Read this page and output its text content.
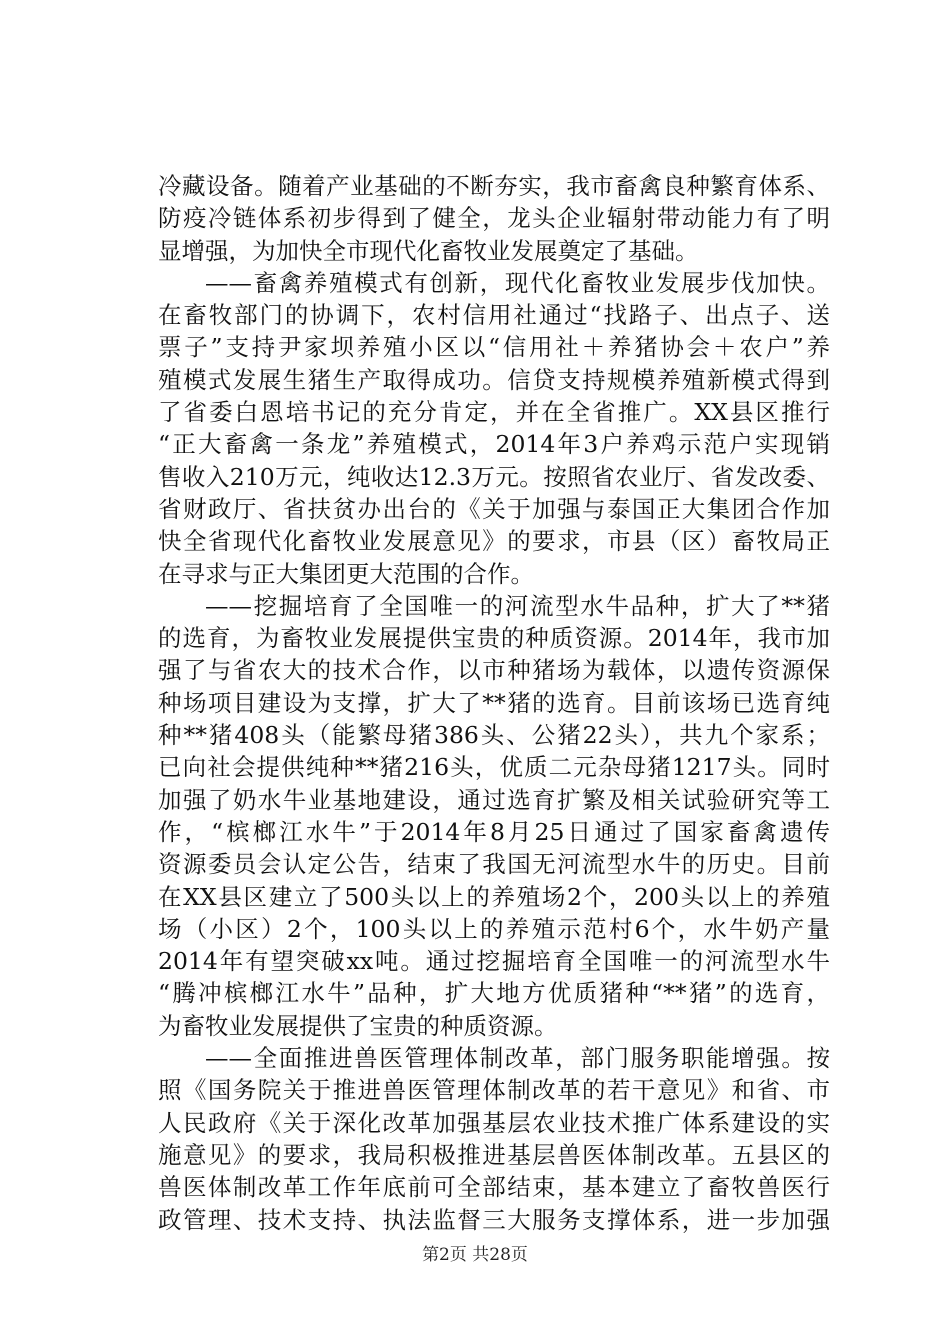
冷藏设备。随着产业基础的不断夯实，我市畜禽良种繁育体系、
防疫冷链体系初步得到了健全，龙头企业辐射带动能力有了明
显增强，为加快全市现代化畜牧业发展奠定了基础。
——畜禽养殖模式有创新，现代化畜牧业发展步伐加快。
在畜牧部门的协调下，农村信用社通过“找路子、出点子、送
票子”支持尹家坝养殖小区以“信用社＋养猪协会＋农户”养
殖模式发展生猪生产取得成功。信贷支持规模养殖新模式得到
了省委白恩培书记的充分肯定，并在全省推广。XX县区推行
“正大畜禽一条龙”养殖模式，2014年3户养鸡示范户实现销
售收入210万元，纯收达12.3万元。按照省农业厅、省发改委、
省财政厅、省扶贫办出台的《关于加强与泰国正大集团合作加
快全省现代化畜牧业发展意见》的要求，市县（区）畜牧局正
在寻求与正大集团更大范围的合作。
——挖掘培育了全国唯一的河流型水牛品种，扩大了**猪
的选育，为畜牧业发展提供宝贵的种质资源。2014年，我市加
强了与省农大的技术合作，以市种猪场为载体，以遗传资源保
种场项目建设为支撑，扩大了**猪的选育。目前该场已选育纯
种**猪408头（能繁母猪386头、公猪22头），共九个家系；
已向社会提供纯种**猪216头，优质二元杂母猪1217头。同时
加强了奶水牛业基地建设，通过选育扩繁及相关试验研究等工
作，“槟榔江水牛”于2014年8月25日通过了国家畜禽遗传
资源委员会认定公告，结束了我国无河流型水牛的历史。目前
在XX县区建立了500头以上的养殖场2个，200头以上的养殖
场（小区）2个，100头以上的养殖示范村6个，水牛奶产量
2014年有望突破xx吨。通过挖掘培育全国唯一的河流型水牛
“腾冲槟榔江水牛”品种，扩大地方优质猪种“**猪”的选育，
为畜牧业发展提供了宝贵的种质资源。
——全面推进兽医管理体制改革，部门服务职能增强。按
照《国务院关于推进兽医管理体制改革的若干意见》和省、市
人民政府《关于深化改革加强基层农业技术推广体系建设的实
施意见》的要求，我局积极推进基层兽医体制改革。五县区的
兽医体制改革工作年底前可全部结束，基本建立了畜牧兽医行
政管理、技术支持、执法监督三大服务支撑体系，进一步加强
第2页 共28页
